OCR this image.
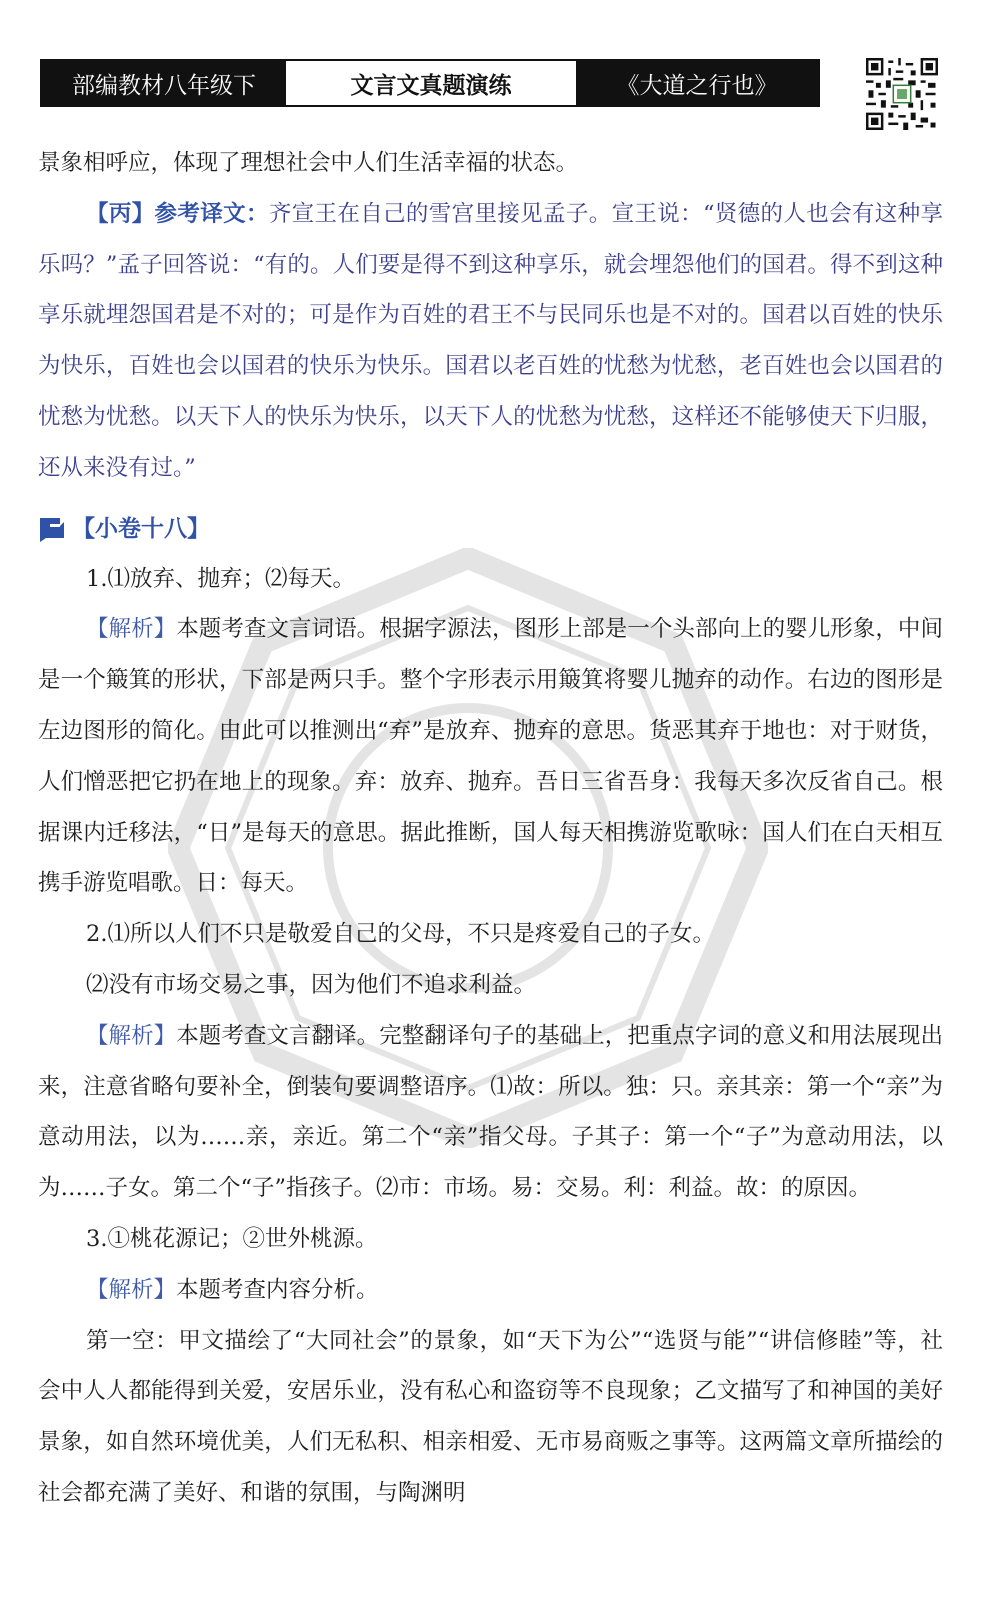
部编教材八年级下	文言文真题演练	《大道之行也》

景象相呼应，体现了理想社会中人们生活幸福的状态。

【丙】参考译文：齐宣王在自己的雪宫里接见孟子。宣王说：“贤德的人也会有这种享乐吗？”孟子回答说：“有的。人们要是得不到这种享乐，就会埋怨他们的国君。得不到这种享乐就埋怨国君是不对的；可是作为百姓的君王不与民同乐也是不对的。国君以百姓的快乐为快乐，百姓也会以国君的快乐为快乐。国君以老百姓的忧愁为忧愁，老百姓也会以国君的忧愁为忧愁。以天下人的快乐为快乐，以天下人的忧愁为忧愁，这样还不能够使天下归服，还从来没有过。”

【小卷十八】

1.⑴放弃、抛弃；⑵每天。

【解析】本题考查文言词语。根据字源法，图形上部是一个头部向上的婴儿形象，中间是一个簸箕的形状，下部是两只手。整个字形表示用簸箕将婴儿抛弃的动作。右边的图形是左边图形的简化。由此可以推测出“弃”是放弃、抛弃的意思。货恶其弃于地也：对于财货，人们憎恶把它扔在地上的现象。弃：放弃、抛弃。吾日三省吾身：我每天多次反省自己。根据课内迁移法，“日”是每天的意思。据此推断，国人每天相携游览歌咏：国人们在白天相互携手游览唱歌。日：每天。

2.⑴所以人们不只是敬爱自己的父母，不只是疼爱自己的子女。

⑵没有市场交易之事，因为他们不追求利益。

【解析】本题考查文言翻译。完整翻译句子的基础上，把重点字词的意义和用法展现出来，注意省略句要补全，倒装句要调整语序。⑴故：所以。独：只。亲其亲：第一个“亲”为意动用法，以为……亲，亲近。第二个“亲”指父母。子其子：第一个“子”为意动用法，以为……子女。第二个“子”指孩子。⑵市：市场。易：交易。利：利益。故：的原因。

3.①桃花源记；②世外桃源。

【解析】本题考查内容分析。

第一空：甲文描绘了“大同社会”的景象，如“天下为公”“选贤与能”“讲信修睦”等，社会中人人都能得到关爱，安居乐业，没有私心和盗窃等不良现象；乙文描写了和神国的美好景象，如自然环境优美，人们无私积、相亲相爱、无市易商贩之事等。这两篇文章所描绘的社会都充满了美好、和谐的氛围，与陶渊明
